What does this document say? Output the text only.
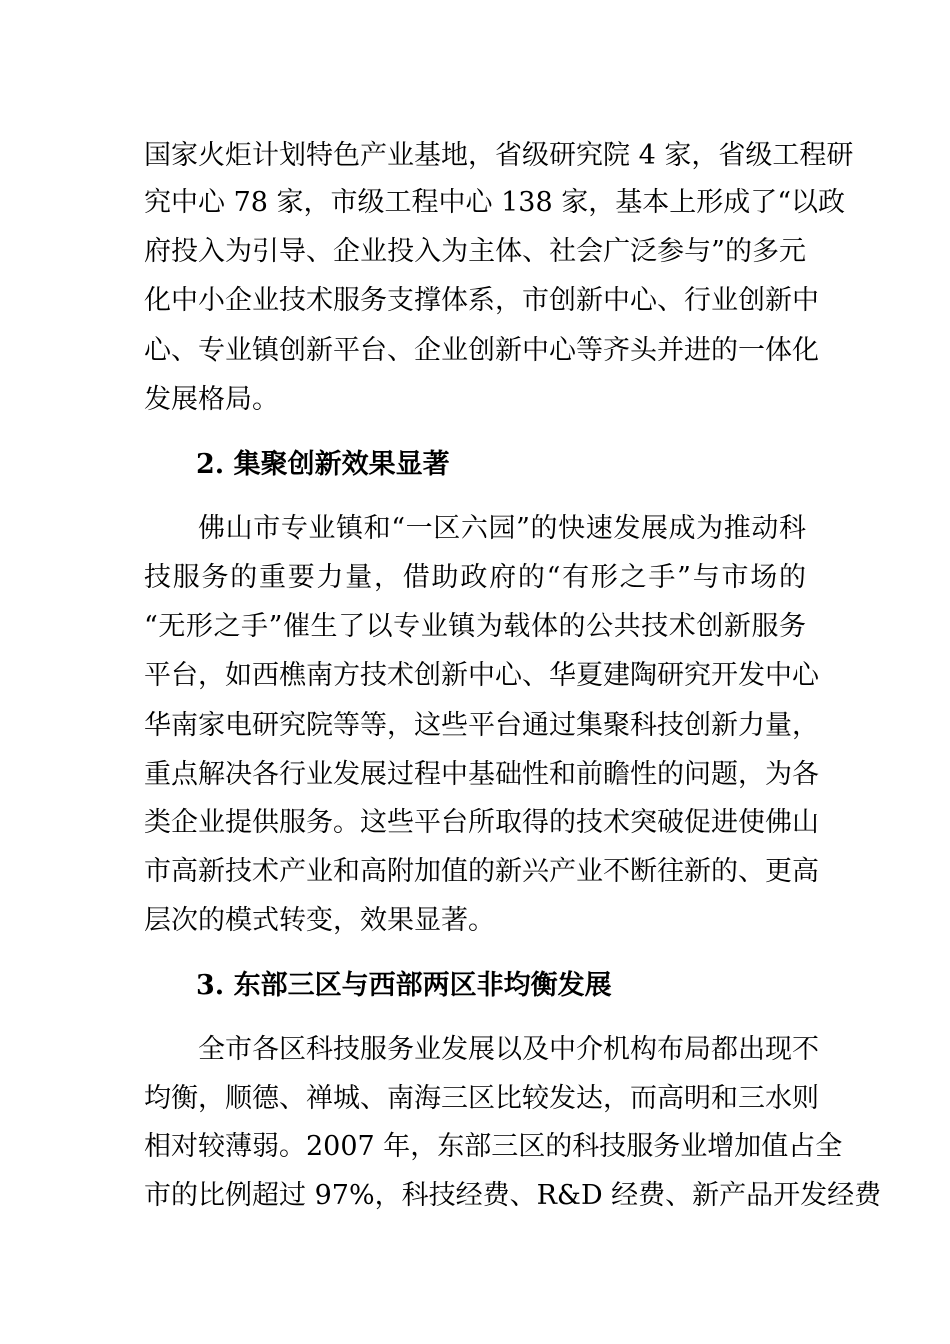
国家火炬计划特色产业基地，省级研究院 4 家，省级工程研
究中心 78 家，市级工程中心 138 家，基本上形成了“以政
府投入为引导、企业投入为主体、社会广泛参与”的多元
化中小企业技术服务支撑体系，市创新中心、行业创新中
心、专业镇创新平台、企业创新中心等齐头并进的一体化
发展格局。
2. 集聚创新效果显著
佛山市专业镇和“一区六园”的快速发展成为推动科
技服务的重要力量，借助政府的“有形之手”与市场的
“无形之手”催生了以专业镇为载体的公共技术创新服务
平台，如西樵南方技术创新中心、华夏建陶研究开发中心
华南家电研究院等等，这些平台通过集聚科技创新力量，
重点解决各行业发展过程中基础性和前瞻性的问题，为各
类企业提供服务。这些平台所取得的技术突破促进使佛山
市高新技术产业和高附加值的新兴产业不断往新的、更高
层次的模式转变，效果显著。
3. 东部三区与西部两区非均衡发展
全市各区科技服务业发展以及中介机构布局都出现不
均衡，顺德、禅城、南海三区比较发达，而高明和三水则
相对较薄弱。2007 年，东部三区的科技服务业增加值占全
市的比例超过 97%，科技经费、R&D 经费、新产品开发经费
